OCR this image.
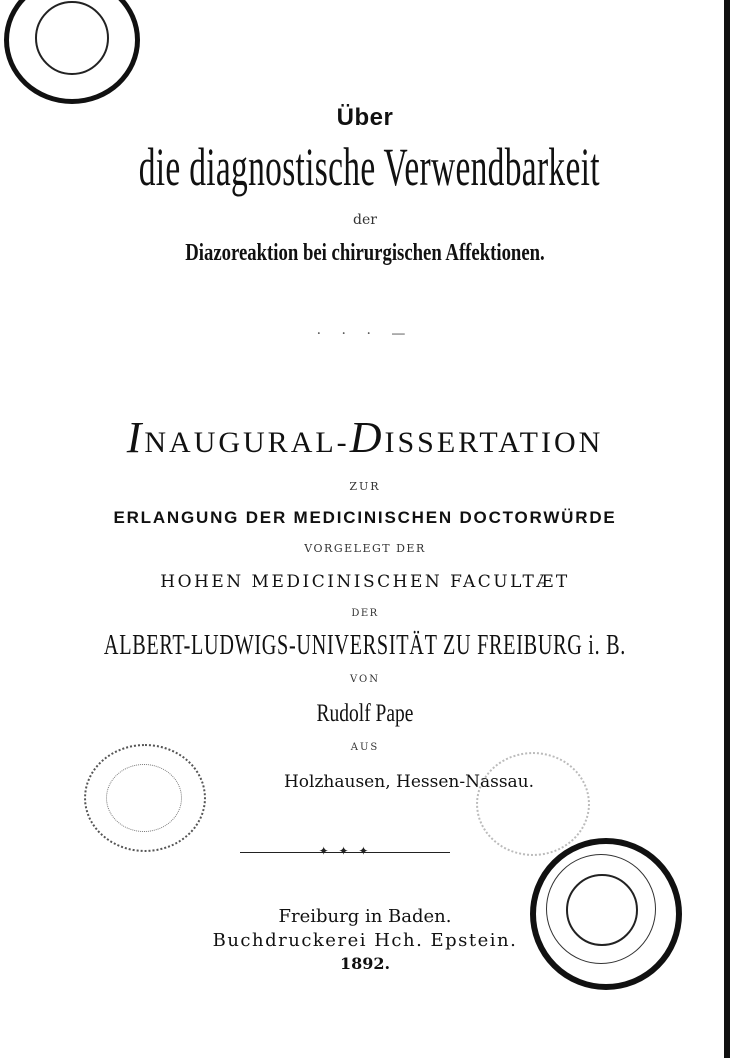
Über
die diagnostische Verwendbarkeit
der
Diazoreaktion bei chirurgischen Affektionen.
· · · —
INAUGURAL-DISSERTATION
ZUR
ERLANGUNG DER MEDICINISCHEN DOCTORWÜRDE
VORGELEGT DER
HOHEN MEDICINISCHEN FACULTÆT
DER
ALBERT-LUDWIGS-UNIVERSITÄT ZU FREIBURG i. B.
VON
Rudolf Pape
AUS
Holzhausen, Hessen-Nassau.
✦ ✦ ✦
Freiburg in Baden.
Buchdruckerei Hch. Epstein.
1892.
